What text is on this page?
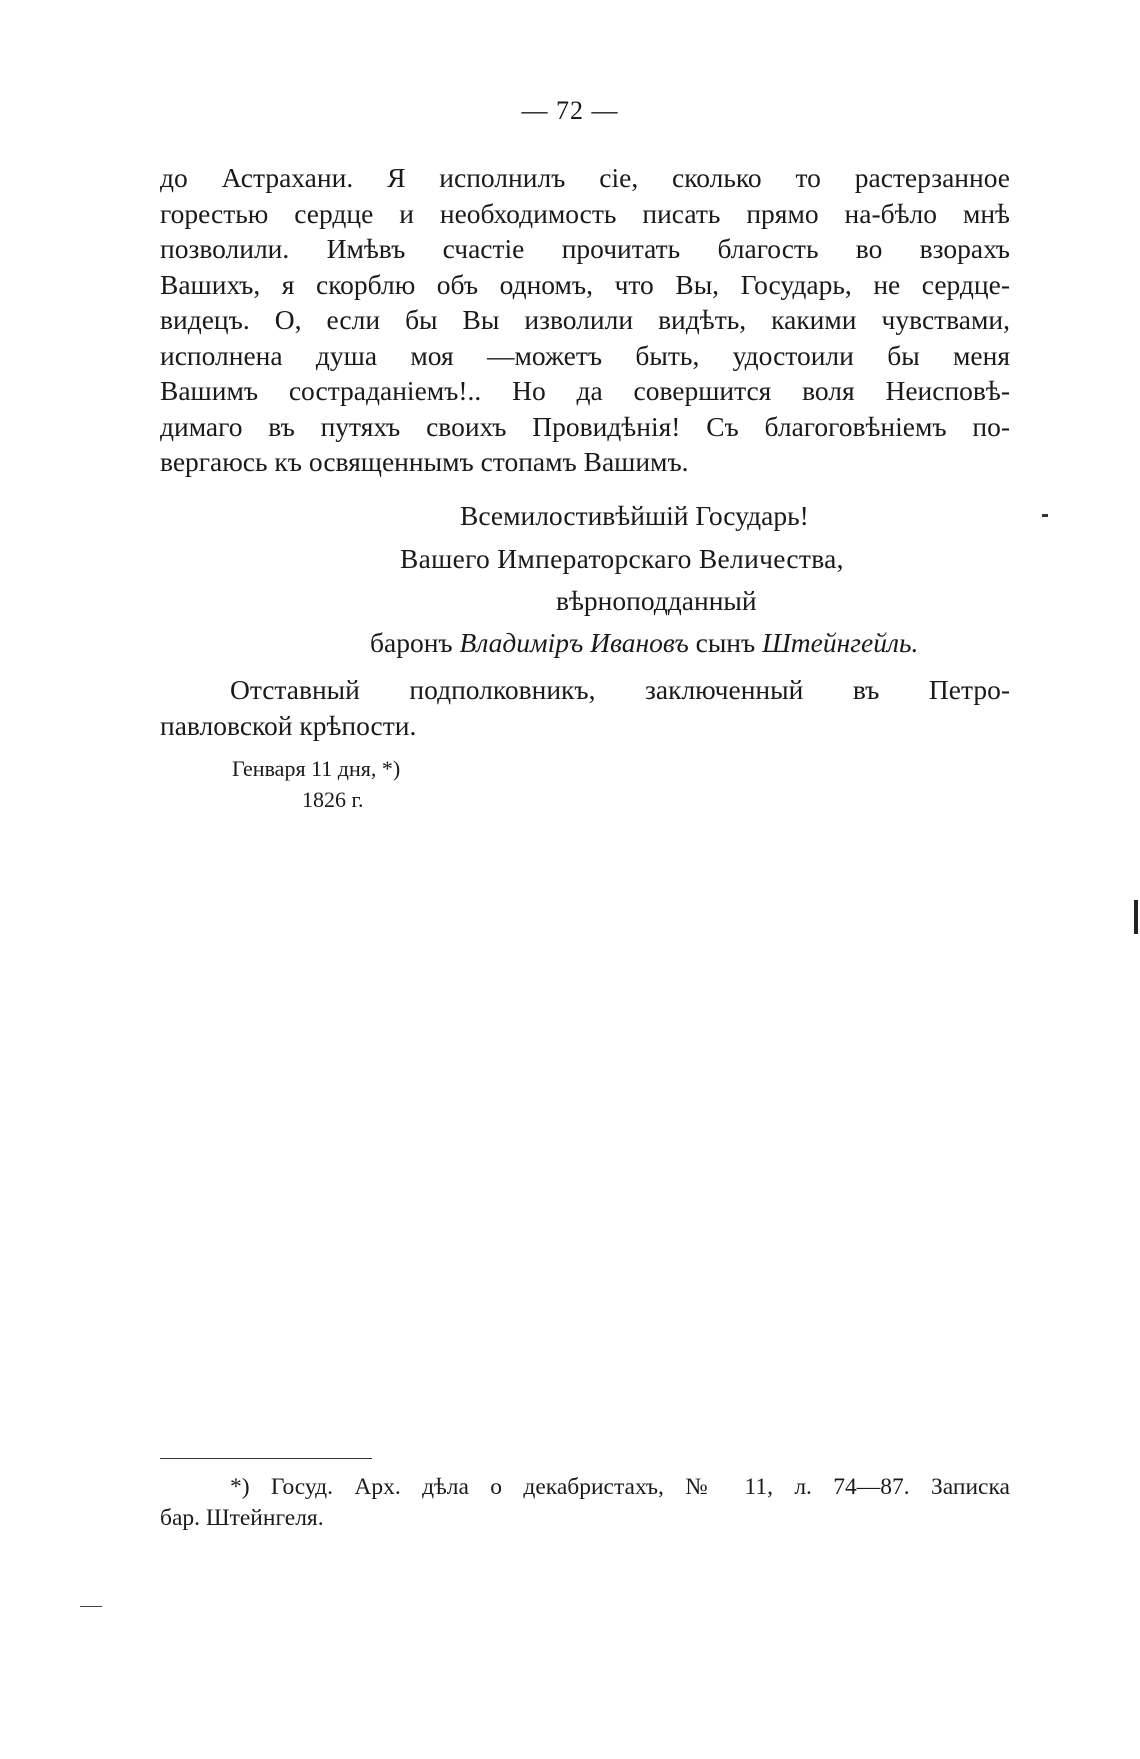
— 72 —

до Астрахани. Я исполнилъ сіе, сколько то растерзанное
горестью сердце и необходимость писать прямо на-бѣло мнѣ
позволили. Имѣвъ счастіе прочитать благость во взорахъ
Вашихъ, я скорблю объ одномъ, что Вы, Государь, не сердце-
видецъ. О, если бы Вы изволили видѣть, какими чувствами,
исполнена душа моя —можетъ быть, удостоили бы меня
Вашимъ состраданіемъ!.. Но да совершится воля Неисповѣ-
димаго въ путяхъ своихъ Провидѣнія! Съ благоговѣніемъ по-
вергаюсь къ освященнымъ стопамъ Вашимъ.

Всемилостивѣйшій Государь!
Вашего Императорскаго Величества,
вѣрноподданный
баронъ Владиміръ Ивановъ сынъ Штейнгейль.
Отставный подполковникъ, заключенный въ Петро-
павловской крѣпости.
Генваря 11 дня, *)
1826 г.
*) Госуд. Арх. дѣла о декабристахъ, № 11, л. 74—87. Записка
бар. Штейнгеля.
